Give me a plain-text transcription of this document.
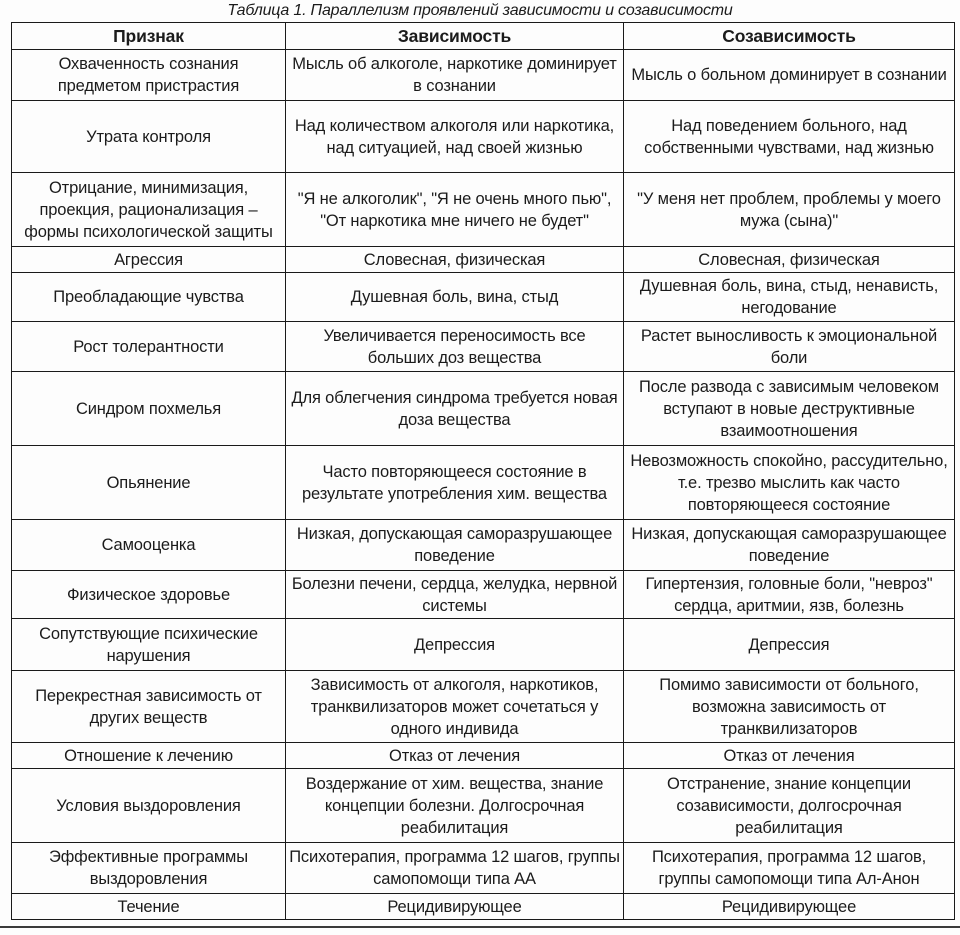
Таблица 1. Параллелизм проявлений зависимости и созависимости
Признак	Зависимость	Созависимость
Охваченность сознания предметом пристрастия	Мысль об алкоголе, наркотике доминирует в сознании	Мысль о больном доминирует в сознании
Утрата контроля	Над количеством алкоголя или наркотика, над ситуацией, над своей жизнью	Над поведением больного, над собственными чувствами, над жизнью
Отрицание, минимизация, проекция, рационализация – формы психологической защиты	"Я не алкоголик", "Я не очень много пью", "От наркотика мне ничего не будет"	"У меня нет проблем, проблемы у моего мужа (сына)"
Агрессия	Словесная, физическая	Словесная, физическая
Преобладающие чувства	Душевная боль, вина, стыд	Душевная боль, вина, стыд, ненависть, негодование
Рост толерантности	Увеличивается переносимость все больших доз вещества	Растет выносливость к эмоциональной боли
Синдром похмелья	Для облегчения синдрома требуется новая доза вещества	После развода с зависимым человеком вступают в новые деструктивные взаимоотношения
Опьянение	Часто повторяющееся состояние в результате употребления хим. вещества	Невозможность спокойно, рассудительно, т.е. трезво мыслить как часто повторяющееся состояние
Самооценка	Низкая, допускающая саморазрушающее поведение	Низкая, допускающая саморазрушающее поведение
Физическое здоровье	Болезни печени, сердца, желудка, нервной системы	Гипертензия, головные боли, "невроз" сердца, аритмии, язв, болезнь
Сопутствующие психические нарушения	Депрессия	Депрессия
Перекрестная зависимость от других веществ	Зависимость от алкоголя, наркотиков, транквилизаторов может сочетаться у одного индивида	Помимо зависимости от больного, возможна зависимость от транквилизаторов
Отношение к лечению	Отказ от лечения	Отказ от лечения
Условия выздоровления	Воздержание от хим. вещества, знание концепции болезни. Долгосрочная реабилитация	Отстранение, знание концепции созависимости, долгосрочная реабилитация
Эффективные программы выздоровления	Психотерапия, программа 12 шагов, группы самопомощи типа АА	Психотерапия, программа 12 шагов, группы самопомощи типа Ал-Анон
Течение	Рецидивирующее	Рецидивирующее
